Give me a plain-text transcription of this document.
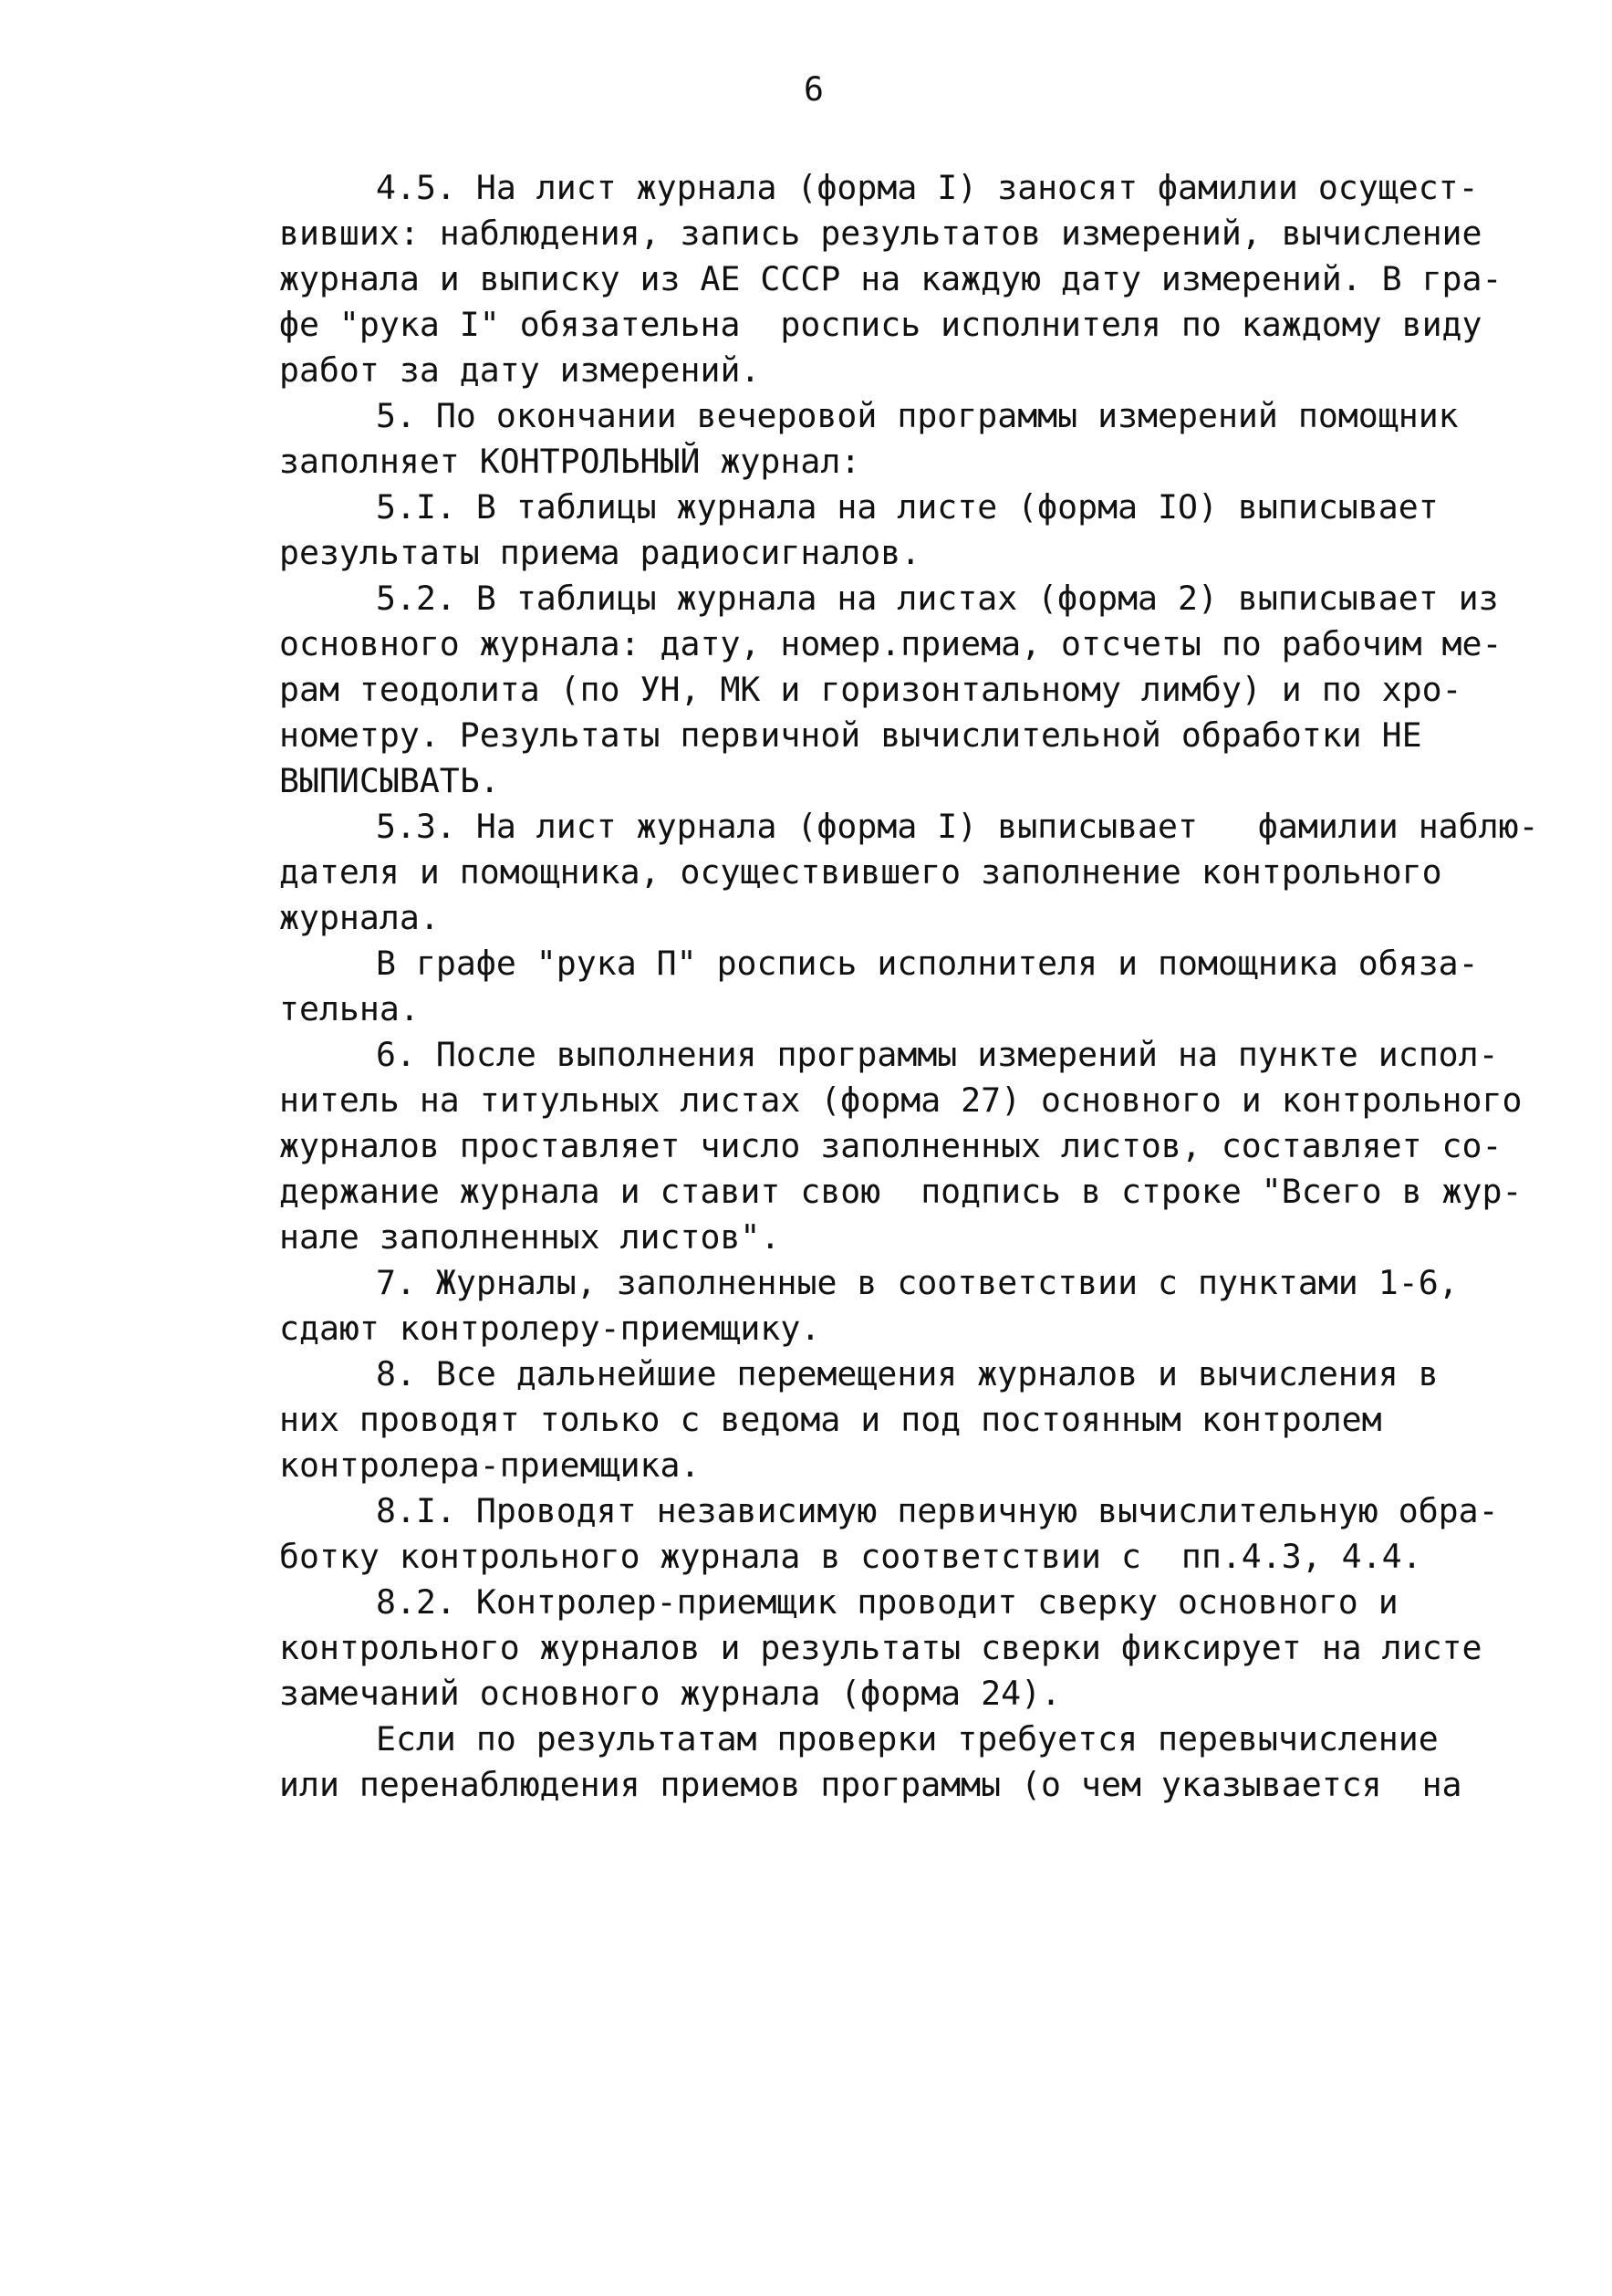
6
4.5. На лист журнала (форма I) заносят фамилии осущест-
вивших: наблюдения, запись результатов измерений, вычисление
журнала и выписку из АЕ СССР на каждую дату измерений. В гра-
фе "рука I" обязательна  роспись исполнителя по каждому виду
работ за дату измерений.
5. По окончании вечеровой программы измерений помощник
заполняет КОНТРОЛЬНЫЙ журнал:
5.I. В таблицы журнала на листе (форма IО) выписывает
результаты приема радиосигналов.
5.2. В таблицы журнала на листах (форма 2) выписывает из
основного журнала: дату, номер.приема, отсчеты по рабочим ме-
рам теодолита (по УН, МК и горизонтальному лимбу) и по хро-
нометру. Результаты первичной вычислительной обработки НЕ
ВЫПИСЫВАТЬ.
5.3. На лист журнала (форма I) выписывает   фамилии наблю-
дателя и помощника, осуществившего заполнение контрольного
журнала.
В графе "рука П" роспись исполнителя и помощника обяза-
тельна.
6. После выполнения программы измерений на пункте испол-
нитель на титульных листах (форма 27) основного и контрольного
журналов проставляет число заполненных листов, составляет со-
держание журнала и ставит свою  подпись в строке "Всего в жур-
нале заполненных листов".
7. Журналы, заполненные в соответствии с пунктами 1-6,
сдают контролеру-приемщику.
8. Все дальнейшие перемещения журналов и вычисления в
них проводят только с ведома и под постоянным контролем
контролера-приемщика.
8.I. Проводят независимую первичную вычислительную обра-
ботку контрольного журнала в соответствии с  пп.4.3, 4.4.
8.2. Контролер-приемщик проводит сверку основного и
контрольного журналов и результаты сверки фиксирует на листе
замечаний основного журнала (форма 24).
Если по результатам проверки требуется перевычисление
или перенаблюдения приемов программы (о чем указывается  на
